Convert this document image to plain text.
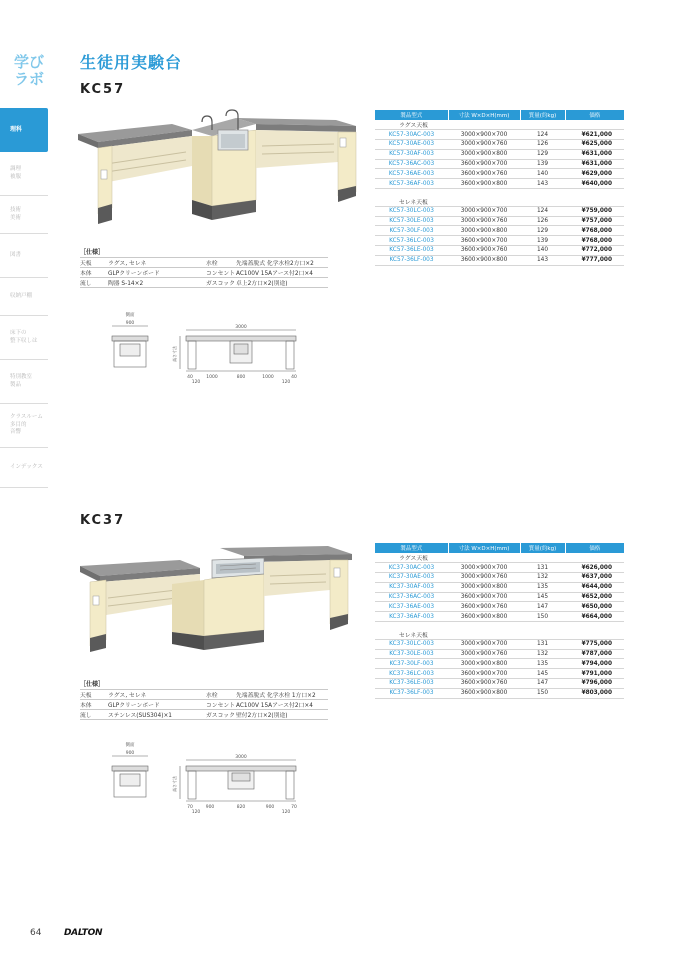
学び
ラボ
理科
調理
被服
技術
美術
図書
収納戸棚
床下の
整下収しは
特別教室
製品
クラスルーム
多目的
音響
インデックス
生徒用実験台
KC57
KC37
［仕様］
天板	ラグス, セレネ	水栓	先端蓋脱式 化学水栓2方口×2
本体	GLPクリーンボード	コンセント	AC100V 15Aアース付2口×4
流し	陶器 S-14×2	ガスコック	卓上2方口×2(別途)
［仕様］
天板	ラグス, セレネ	水栓	先端蓋脱式 化学水栓 1方口×2
本体	GLPクリーンボード	コンセント	AC100V 15Aアース付2口×4
流し	ステンレス(SUS304)×1	ガスコック	壁付2方口×2(別途)
側面
900
3000
40	1000	800	1000	40
120	120
高さ寸法
側面
900
3000
70	900	820	900	70
120	120
高さ寸法
製品型式	寸法 W×D×H(mm)	質量(約kg)	価格
ラグス天板			
KC57-30AC-003	3000×900×700	124	¥621,000
KC57-30AE-003	3000×900×760	126	¥625,000
KC57-30AF-003	3000×900×800	129	¥631,000
KC57-36AC-003	3600×900×700	139	¥631,000
KC57-36AE-003	3600×900×760	140	¥629,000
KC57-36AF-003	3600×900×800	143	¥640,000

セレネ天板			
KC57-30LC-003	3000×900×700	124	¥759,000
KC57-30LE-003	3000×900×760	126	¥757,000
KC57-30LF-003	3000×900×800	129	¥768,000
KC57-36LC-003	3600×900×700	139	¥768,000
KC57-36LE-003	3600×900×760	140	¥772,000
KC57-36LF-003	3600×900×800	143	¥777,000
製品型式	寸法 W×D×H(mm)	質量(約kg)	価格
ラグス天板			
KC37-30AC-003	3000×900×700	131	¥626,000
KC37-30AE-003	3000×900×760	132	¥637,000
KC37-30AF-003	3000×900×800	135	¥644,000
KC37-36AC-003	3600×900×700	145	¥652,000
KC37-36AE-003	3600×900×760	147	¥650,000
KC37-36AF-003	3600×900×800	150	¥664,000

セレネ天板			
KC37-30LC-003	3000×900×700	131	¥775,000
KC37-30LE-003	3000×900×760	132	¥787,000
KC37-30LF-003	3000×900×800	135	¥794,000
KC37-36LC-003	3600×900×700	145	¥791,000
KC37-36LE-003	3600×900×760	147	¥796,000
KC37-36LF-003	3600×900×800	150	¥803,000
64	DALTON
